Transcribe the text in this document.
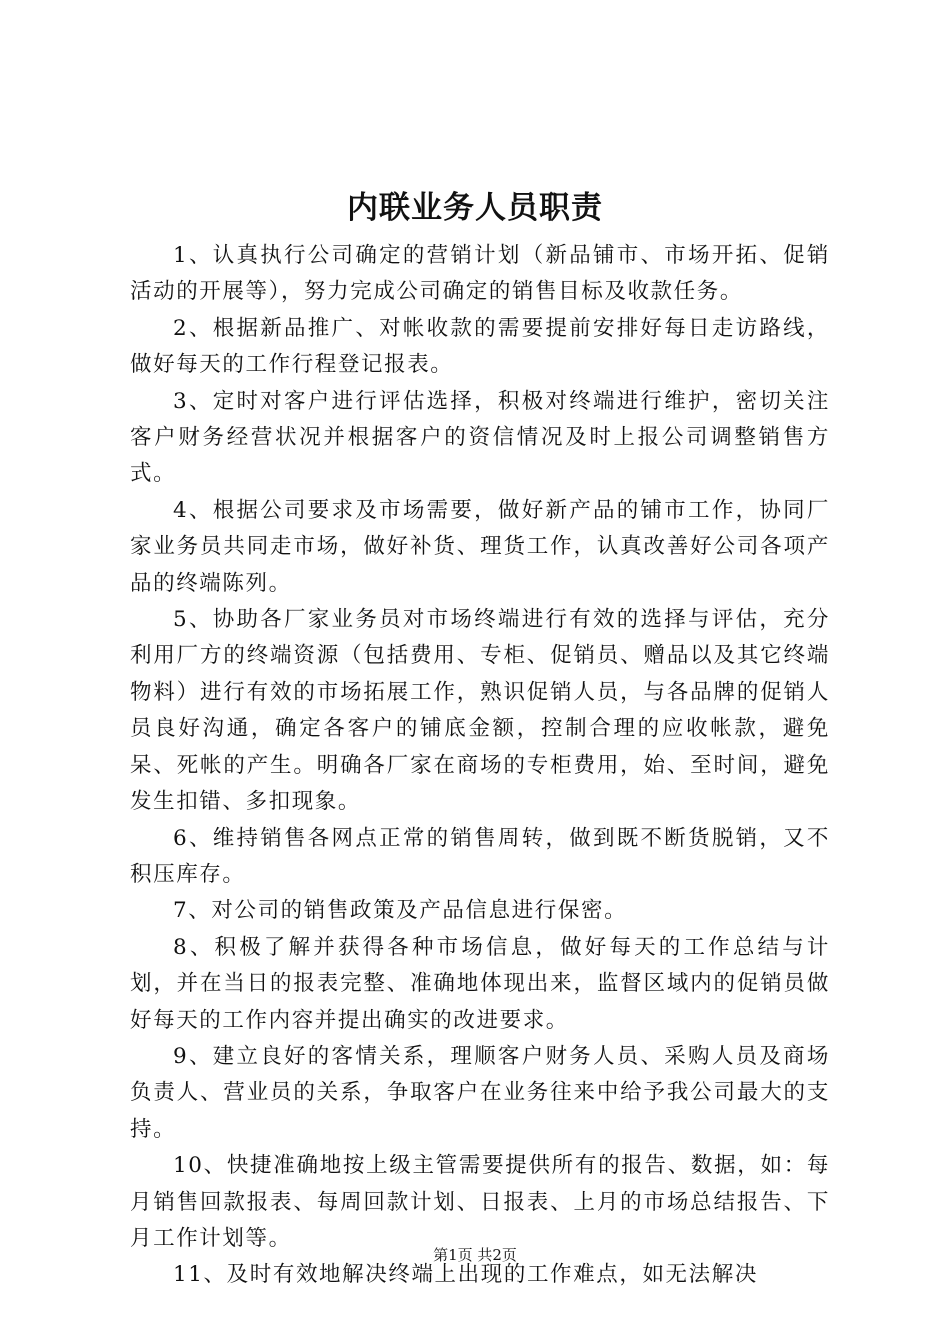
内联业务人员职责

1、认真执行公司确定的营销计划（新品铺市、市场开拓、促销活动的开展等），努力完成公司确定的销售目标及收款任务。

2、根据新品推广、对帐收款的需要提前安排好每日走访路线，做好每天的工作行程登记报表。

3、定时对客户进行评估选择，积极对终端进行维护，密切关注客户财务经营状况并根据客户的资信情况及时上报公司调整销售方式。

4、根据公司要求及市场需要，做好新产品的铺市工作，协同厂家业务员共同走市场，做好补货、理货工作，认真改善好公司各项产品的终端陈列。

5、协助各厂家业务员对市场终端进行有效的选择与评估，充分利用厂方的终端资源（包括费用、专柜、促销员、赠品以及其它终端物料）进行有效的市场拓展工作，熟识促销人员，与各品牌的促销人员良好沟通，确定各客户的铺底金额，控制合理的应收帐款，避免呆、死帐的产生。明确各厂家在商场的专柜费用，始、至时间，避免发生扣错、多扣现象。

6、维持销售各网点正常的销售周转，做到既不断货脱销，又不积压库存。

7、对公司的销售政策及产品信息进行保密。

8、积极了解并获得各种市场信息，做好每天的工作总结与计划，并在当日的报表完整、准确地体现出来，监督区域内的促销员做好每天的工作内容并提出确实的改进要求。

9、建立良好的客情关系，理顺客户财务人员、采购人员及商场负责人、营业员的关系，争取客户在业务往来中给予我公司最大的支持。

10、快捷准确地按上级主管需要提供所有的报告、数据，如：每月销售回款报表、每周回款计划、日报表、上月的市场总结报告、下月工作计划等。

11、及时有效地解决终端上出现的工作难点，如无法解决

第1页 共2页
